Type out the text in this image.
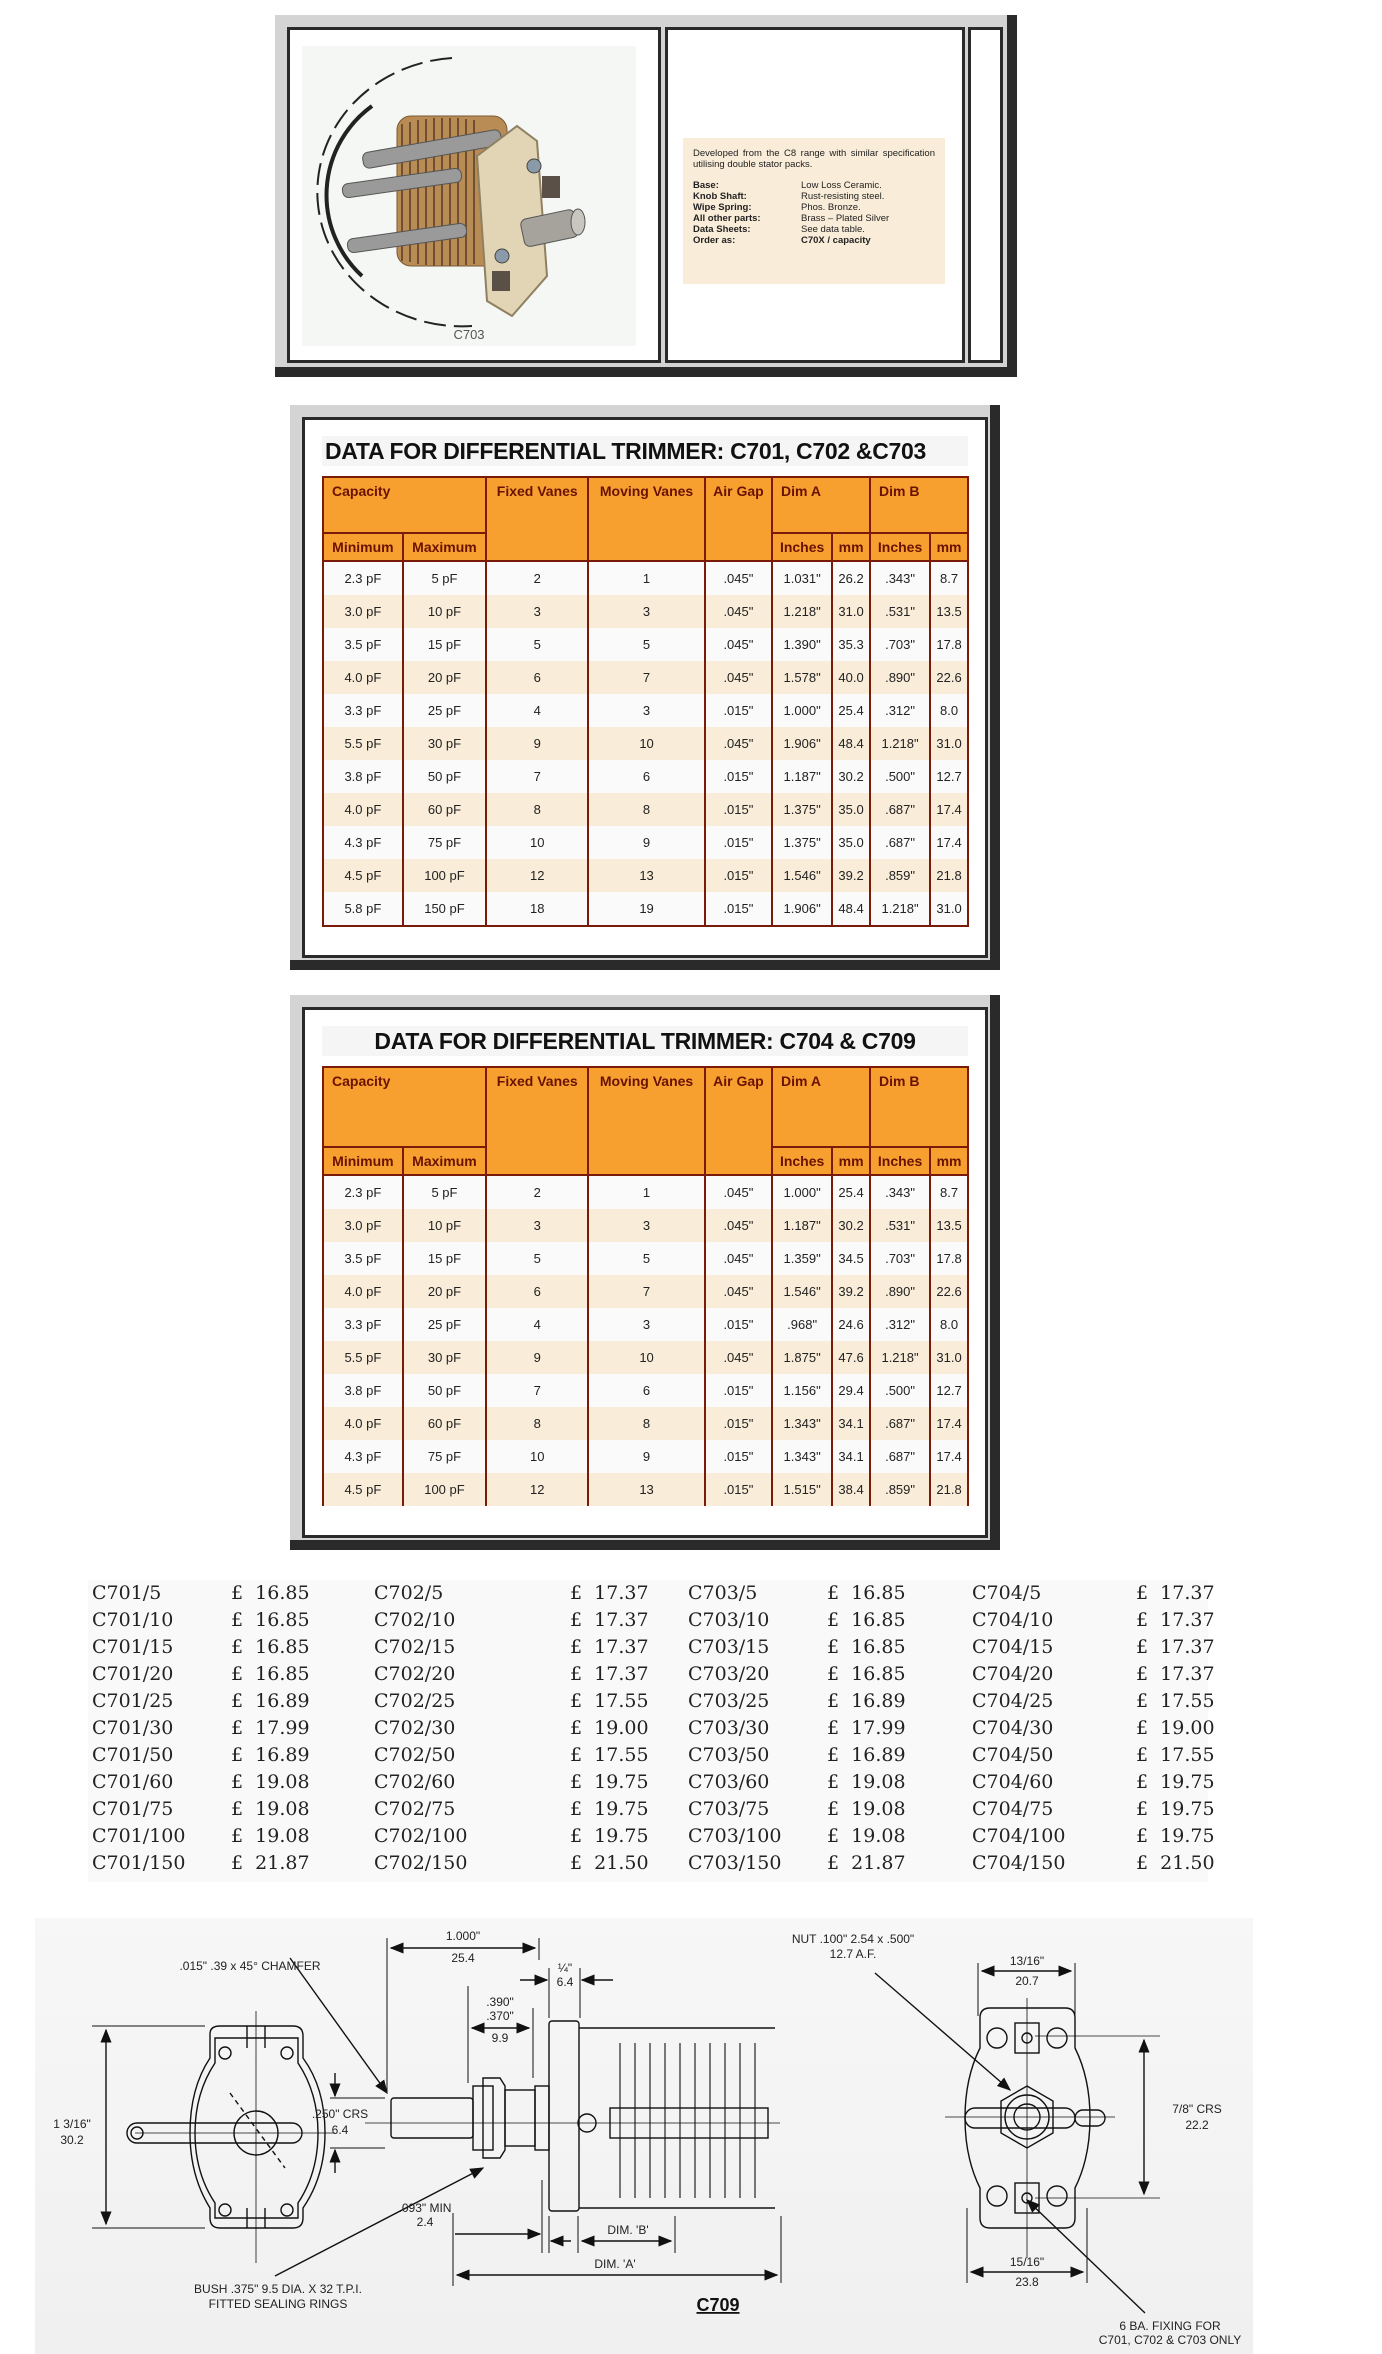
C703
Developed from the C8 range with similar specification utilising double stator packs.
Base:	Low Loss Ceramic.
Knob Shaft:	Rust-resisting steel.
Wipe Spring:	Phos. Bronze.
All other parts:	Brass – Plated Silver
Data Sheets:	See data table.
Order as:	C70X / capacity
DATA FOR DIFFERENTIAL TRIMMER: C701, C702 &C703
Capacity		Fixed Vanes	Moving Vanes	Air Gap	Dim A		Dim B	
Minimum	Maximum				Inches	mm	Inches	mm
2.3 pF	5 pF	2	1	.045"	1.031"	26.2	.343"	8.7
3.0 pF	10 pF	3	3	.045"	1.218"	31.0	.531"	13.5
3.5 pF	15 pF	5	5	.045"	1.390"	35.3	.703"	17.8
4.0 pF	20 pF	6	7	.045"	1.578"	40.0	.890"	22.6
3.3 pF	25 pF	4	3	.015"	1.000"	25.4	.312"	8.0
5.5 pF	30 pF	9	10	.045"	1.906"	48.4	1.218"	31.0
3.8 pF	50 pF	7	6	.015"	1.187"	30.2	.500"	12.7
4.0 pF	60 pF	8	8	.015"	1.375"	35.0	.687"	17.4
4.3 pF	75 pF	10	9	.015"	1.375"	35.0	.687"	17.4
4.5 pF	100 pF	12	13	.015"	1.546"	39.2	.859"	21.8
5.8 pF	150 pF	18	19	.015"	1.906"	48.4	1.218"	31.0
DATA FOR DIFFERENTIAL TRIMMER: C704 & C709
Capacity		Fixed Vanes	Moving Vanes	Air Gap	Dim A		Dim B	
Minimum	Maximum				Inches	mm	Inches	mm
2.3 pF	5 pF	2	1	.045"	1.000"	25.4	.343"	8.7
3.0 pF	10 pF	3	3	.045"	1.187"	30.2	.531"	13.5
3.5 pF	15 pF	5	5	.045"	1.359"	34.5	.703"	17.8
4.0 pF	20 pF	6	7	.045"	1.546"	39.2	.890"	22.6
3.3 pF	25 pF	4	3	.015"	.968"	24.6	.312"	8.0
5.5 pF	30 pF	9	10	.045"	1.875"	47.6	1.218"	31.0
3.8 pF	50 pF	7	6	.015"	1.156"	29.4	.500"	12.7
4.0 pF	60 pF	8	8	.015"	1.343"	34.1	.687"	17.4
4.3 pF	75 pF	10	9	.015"	1.343"	34.1	.687"	17.4
4.5 pF	100 pF	12	13	.015"	1.515"	38.4	.859"	21.8
C701/5	£  16.85
C701/10	£  16.85
C701/15	£  16.85
C701/20	£  16.85
C701/25	£  16.89
C701/30	£  17.99
C701/50	£  16.89
C701/60	£  19.08
C701/75	£  19.08
C701/100 £  19.08
C701/150 £  21.87
C702/5	£  17.37
C702/10	£  17.37
C702/15	£  17.37
C702/20	£  17.37
C702/25	£  17.55
C702/30	£  19.00
C702/50	£  17.55
C702/60	£  19.75
C702/75	£  19.75
C702/100	£  19.75
C702/150	£  21.50
C703/5	£  16.85
C703/10	£  16.85
C703/15	£  16.85
C703/20	£  16.85
C703/25	£  16.89
C703/30	£  17.99
C703/50	£  16.89
C703/60	£  19.08
C703/75	£  19.08
C703/100 £  19.08
C703/150 £  21.87
C704/5	£  17.37
C704/10	£  17.37
C704/15	£  17.37
C704/20	£  17.37
C704/25	£  17.55
C704/30	£  19.00
C704/50	£  17.55
C704/60	£  19.75
C704/75	£  19.75
C704/100	£  19.75
C704/150	£  21.50
.015" .39 x 45° CHAMFER
1 3/16"
30.2
.250" CRS
6.4
1.000"
25.4
.390"
.370"
9.9
¼"
6.4
NUT .100" 2.54 x .500"
12.7 A.F.	13/16"
20.7
7/8" CRS
22.2
.093" MIN
2.4
DIM. 'B'
DIM. 'A'	15/16"
23.8
BUSH .375" 9.5 DIA. X 32 T.P.I.
FITTED SEALING RINGS	C709
6 BA. FIXING FOR
C701, C702 & C703 ONLY
